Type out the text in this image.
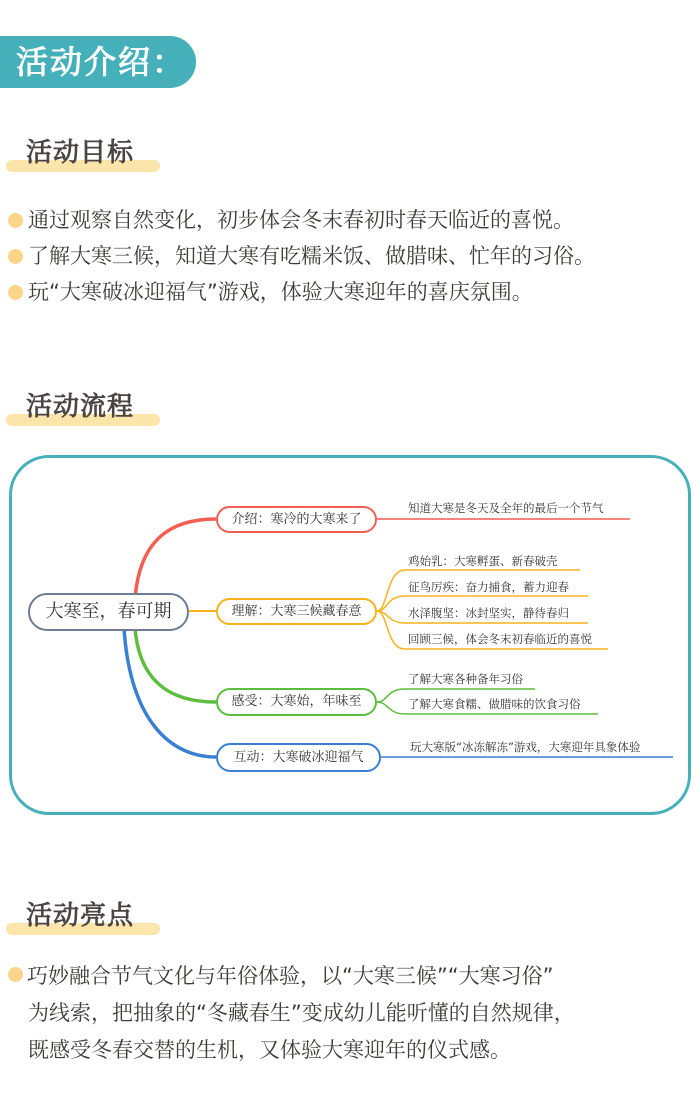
活动介绍：
活动目标
通过观察自然变化，初步体会冬末春初时春天临近的喜悦。
了解大寒三候，知道大寒有吃糯米饭、做腊味、忙年的习俗。
玩“大寒破冰迎福气”游戏，体验大寒迎年的喜庆氛围。
活动流程
大寒至，春可期
介绍：寒冷的大寒来了
理解：大寒三候藏春意
感受：大寒始，年味至
互动：大寒破冰迎福气
知道大寒是冬天及全年的最后一个节气
鸡始乳：大寒孵蛋、新春破壳
征鸟厉疾：奋力捕食，蓄力迎春
水泽腹坚：冰封坚实，静待春归
回顾三候，体会冬末初春临近的喜悦
了解大寒各种备年习俗
了解大寒食糯、做腊味的饮食习俗
玩大寒版“冰冻解冻”游戏，大寒迎年具象体验
活动亮点
巧妙融合节气文化与年俗体验，以“大寒三候”“大寒习俗”
为线索，把抽象的“冬藏春生”变成幼儿能听懂的自然规律，
既感受冬春交替的生机，又体验大寒迎年的仪式感。
